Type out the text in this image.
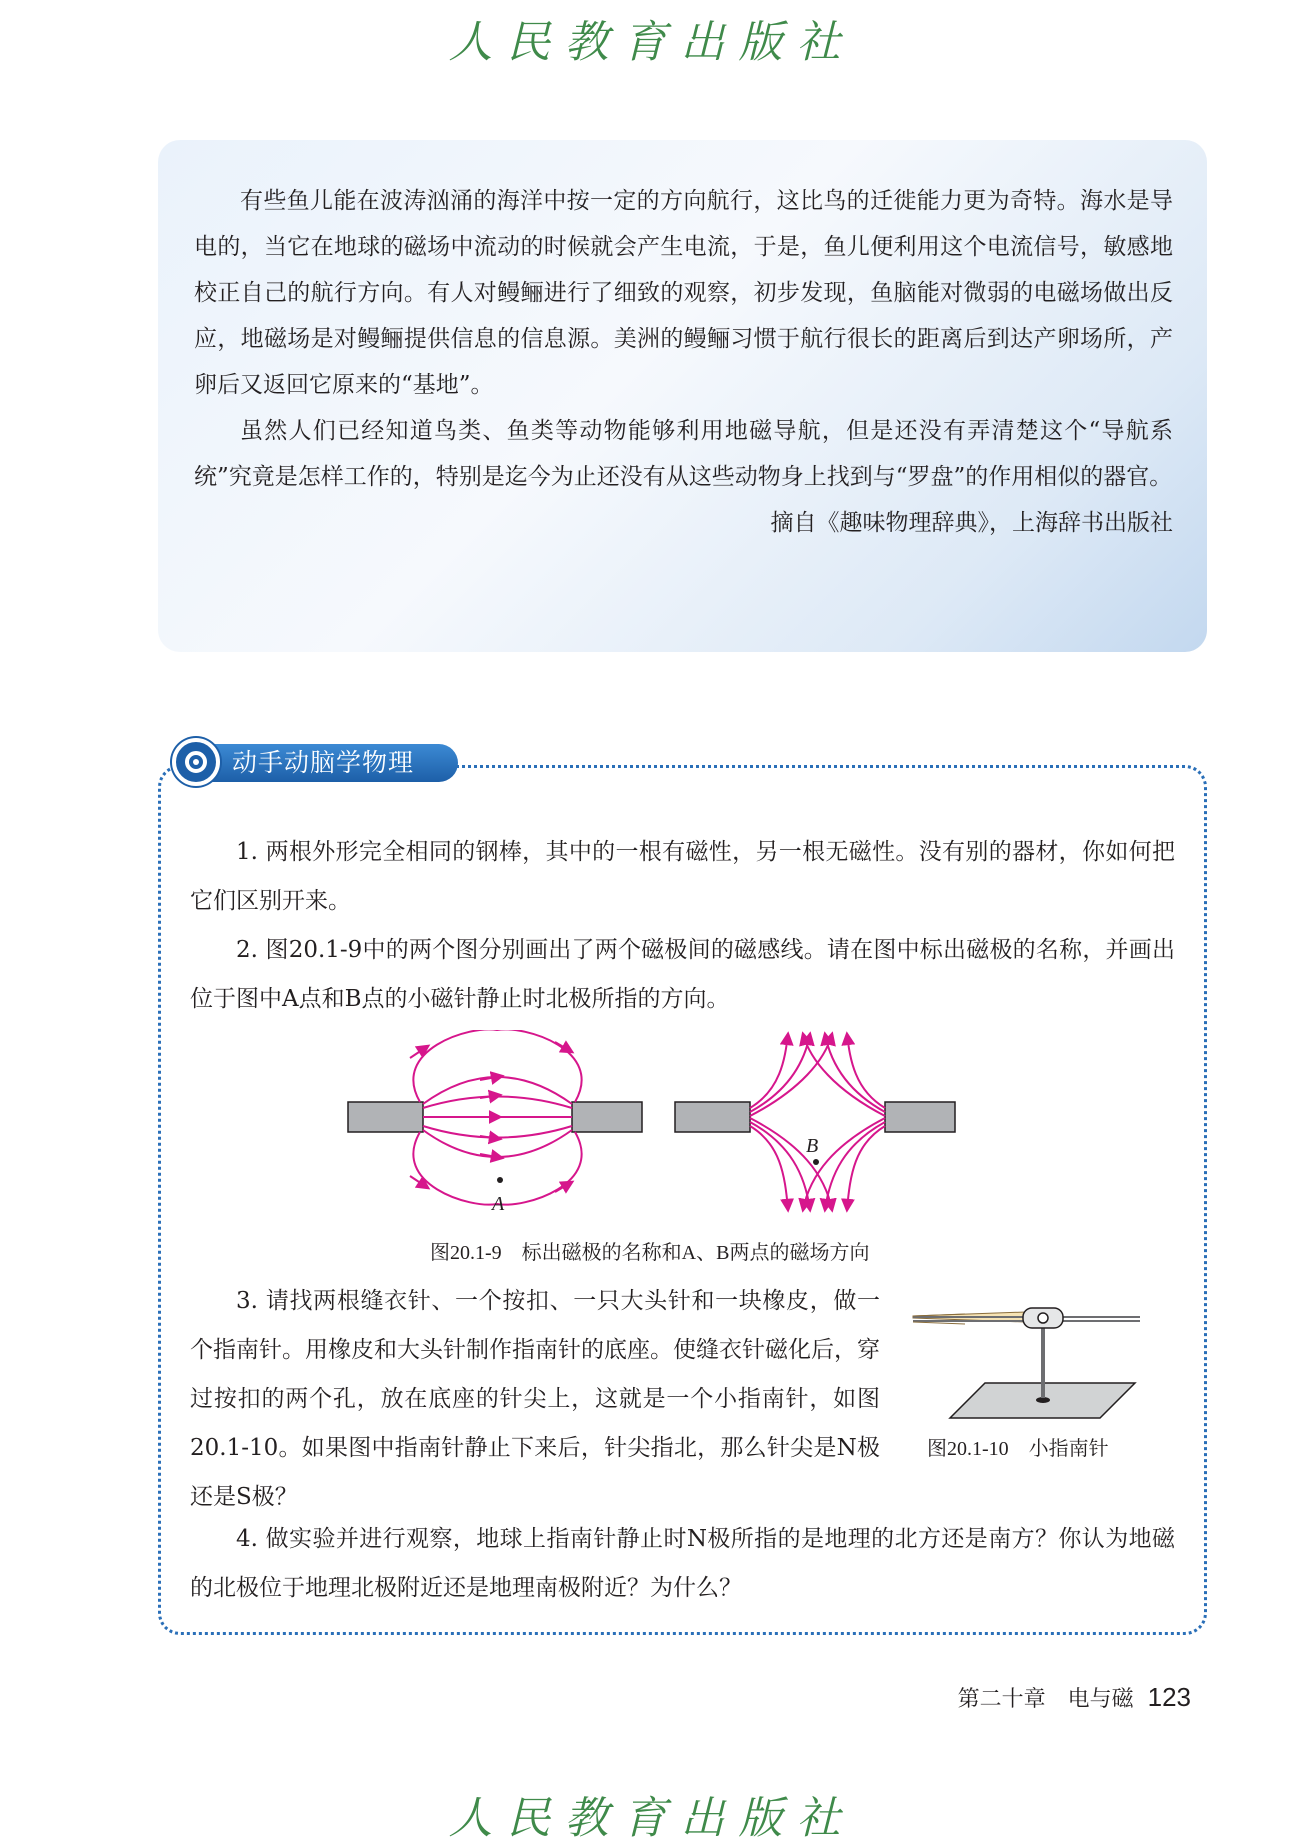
人民教育出版社

有些鱼儿能在波涛汹涌的海洋中按一定的方向航行，这比鸟的迁徙能力更为奇特。海水是导电的，当它在地球的磁场中流动的时候就会产生电流，于是，鱼儿便利用这个电流信号，敏感地校正自己的航行方向。有人对鳗鲡进行了细致的观察，初步发现，鱼脑能对微弱的电磁场做出反应，地磁场是对鳗鲡提供信息的信息源。美洲的鳗鲡习惯于航行很长的距离后到达产卵场所，产卵后又返回它原来的“基地”。

虽然人们已经知道鸟类、鱼类等动物能够利用地磁导航，但是还没有弄清楚这个“导航系统”究竟是怎样工作的，特别是迄今为止还没有从这些动物身上找到与“罗盘”的作用相似的器官。

摘自《趣味物理辞典》，上海辞书出版社

动手动脑学物理

1. 两根外形完全相同的钢棒，其中的一根有磁性，另一根无磁性。没有别的器材，你如何把它们区别开来。

2. 图20.1-9中的两个图分别画出了两个磁极间的磁感线。请在图中标出磁极的名称，并画出位于图中A点和B点的小磁针静止时北极所指的方向。

A
B
图20.1-9　标出磁极的名称和A、B两点的磁场方向

3. 请找两根缝衣针、一个按扣、一只大头针和一块橡皮，做一个指南针。用橡皮和大头针制作指南针的底座。使缝衣针磁化后，穿过按扣的两个孔，放在底座的针尖上，这就是一个小指南针，如图20.1-10。如果图中指南针静止下来后，针尖指北，那么针尖是N极还是S极？

图20.1-10　小指南针

4. 做实验并进行观察，地球上指南针静止时N极所指的是地理的北方还是南方？你认为地磁的北极位于地理北极附近还是地理南极附近？为什么？

第二十章　电与磁 123
人民教育出版社
